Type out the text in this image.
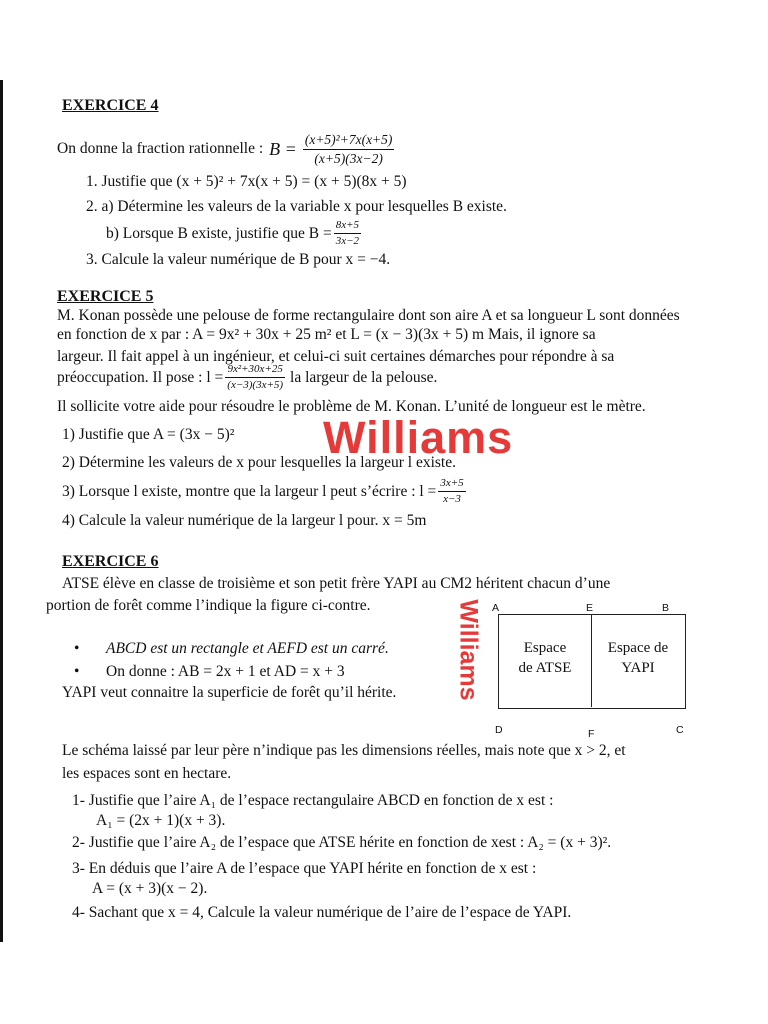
EXERCICE 4
On donne la fraction rationnelle : $B = \frac{\text{(x+5)²+7x(x+5)}}{(x+5)(3x-2)}$
1. Justifie que (x + 5)² + 7x(x + 5) = (x + 5)(8x + 5)
2. a) Détermine les valeurs de la variable x pour lesquelles B existe.
b) Lorsque B existe, justifie que $B = \frac{8x+5}{3x-2}$
3. Calcule la valeur numérique de B pour x = −4.
EXERCICE 5
M. Konan possède une pelouse de forme rectangulaire dont son aire A et sa longueur L sont données
en fonction de x par : A = 9x² + 30x + 25 m² et L = (x − 3)(3x + 5) m Mais, il ignore sa
largeur. Il fait appel à un ingénieur, et celui-ci suit certaines démarches pour répondre à sa
préoccupation. Il pose : $l = \frac{\text{9x²+30x+25}}{(x-3)(3x+5)}$ la largeur de la pelouse.
Il sollicite votre aide pour résoudre le problème de M. Konan. L’unité de longueur est le mètre.
1) Justifie que A = (3x − 5)²
2) Détermine les valeurs de x pour lesquelles la largeur l existe.
3) Lorsque l existe, montre que la largeur l peut s’écrire : $l = \frac{3x+5}{x-3}$
4) Calcule la valeur numérique de la largeur l pour. x = 5m
Williams
EXERCICE 6
ATSE élève en classe de troisième et son petit frère YAPI au CM2 héritent chacun d’une
portion de forêt comme l’indique la figure ci-contre.
• ABCD est un rectangle et AEFD est un carré.
• On donne : AB = 2x + 1 et AD = x + 3
YAPI veut connaitre la superficie de forêt qu’il hérite. Williams A	E	B
D	F	C
Espace
de ATSE
Espace de
YAPI
Le schéma laissé par leur père n’indique pas les dimensions réelles, mais note que x > 2, et
les espaces sont en hectare.
1- Justifie que l’aire A₁ de l’espace rectangulaire ABCD en fonction de x est :
A₁ = (2x + 1)(x + 3).
2- Justifie que l’aire A₂ de l’espace que ATSE hérite en fonction de xest : A₂ = (x + 3)².
3- En déduis que l’aire A de l’espace que YAPI hérite en fonction de x est :
A = (x + 3)(x − 2).
4- Sachant que x = 4, Calcule la valeur numérique de l’aire de l’espace de YAPI.
